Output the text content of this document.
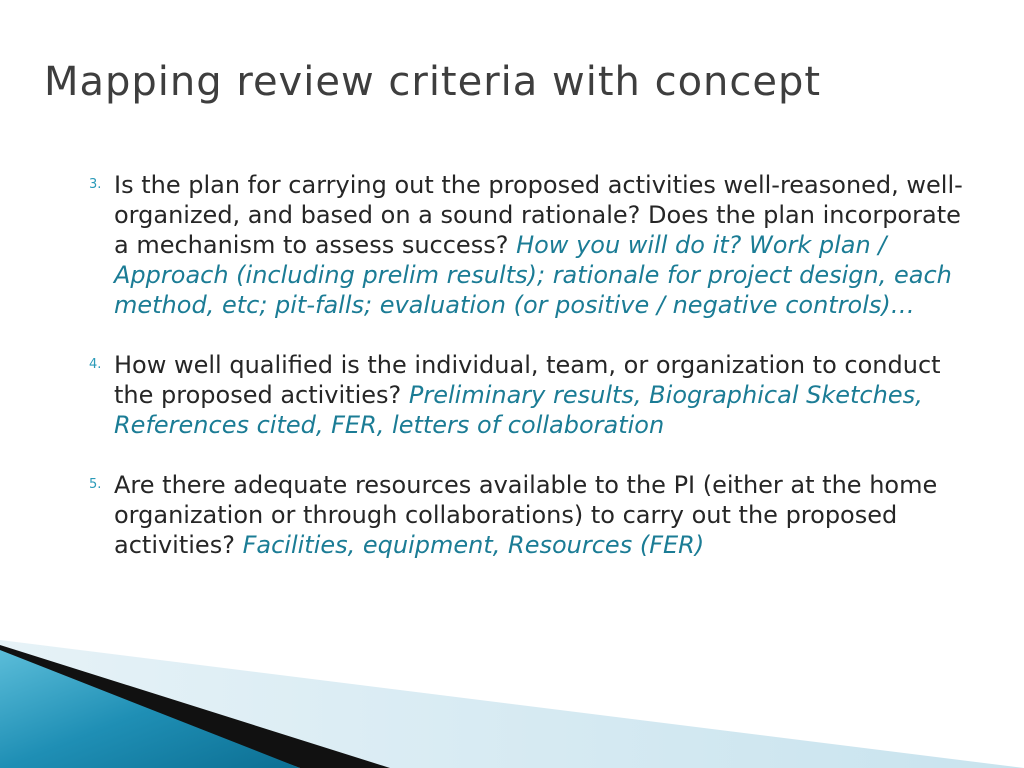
Mapping review criteria with concept
3. Is the plan for carrying out the proposed activities well-reasoned, well-organized, and based on a sound rationale? Does the plan incorporate a mechanism to assess success? How you will do it? Work plan / Approach (including prelim results); rationale for project design, each method, etc; pit-falls; evaluation (or positive / negative controls)…
4. How well qualified is the individual, team, or organization to conduct the proposed activities? Preliminary results, Biographical Sketches, References cited, FER, letters of collaboration
5. Are there adequate resources available to the PI (either at the home organization or through collaborations) to carry out the proposed activities? Facilities, equipment, Resources (FER)
